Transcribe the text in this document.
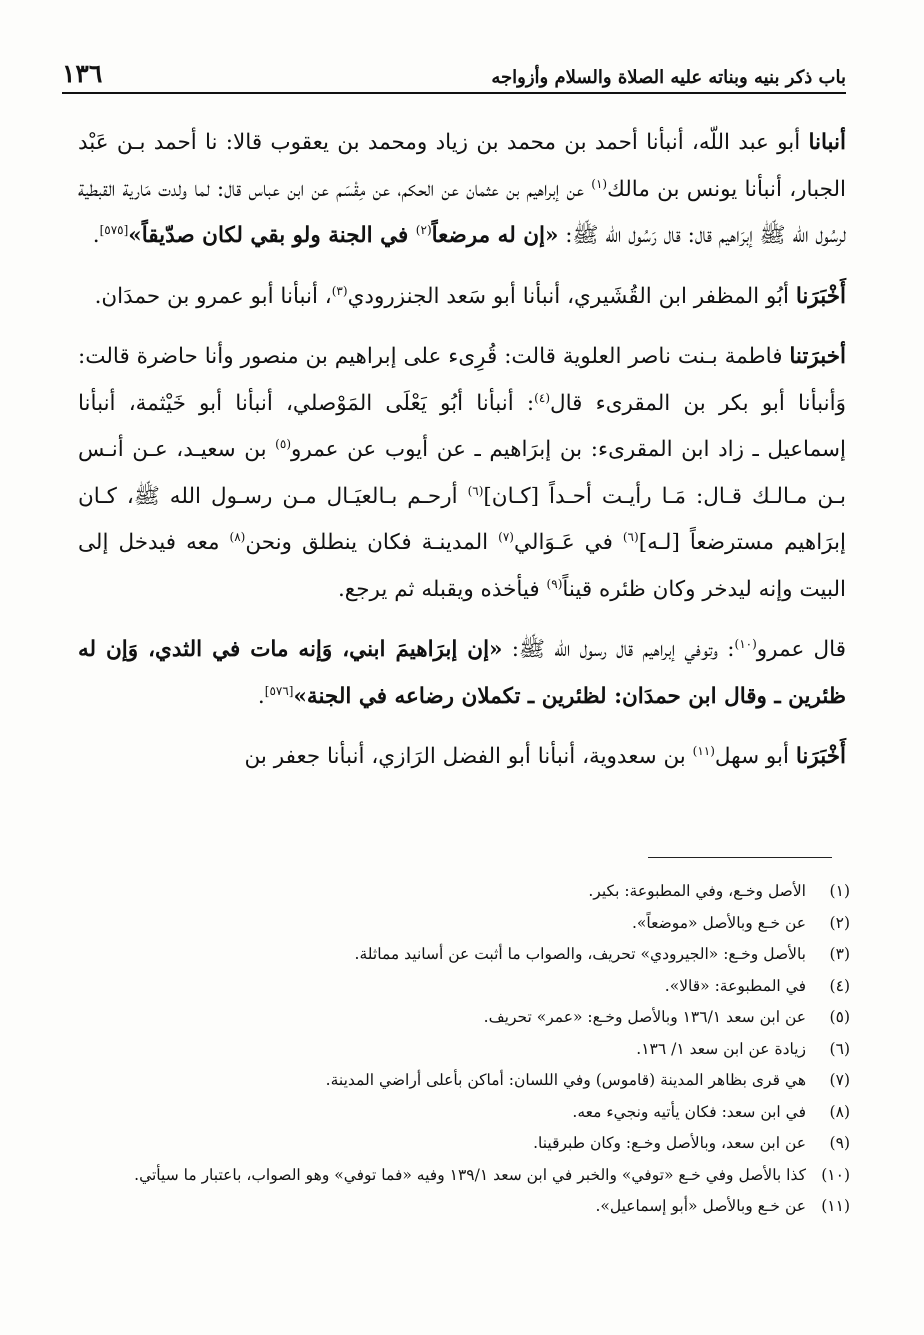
باب ذكر بنيه وبناته عليه الصلاة والسلام وأزواجه
١٣٦

أنبانا أبو عبد اللّه، أنبأنا أحمد بن محمد بن زياد ومحمد بن يعقوب قالا: نا أحمد بـن عَبْد الجبار، أنبأنا يونس بن مالك$^{(١)}$ عن إبراهيم بن عثمان عن الحكم، عن مِقْسَم عن ابن عباس قال: لما ولدت مَارية القبطية لرسُول الله ﷺ إبرَاهيم قال: قال رَسُول الله ﷺ: «إن له مرضعاً$^{(٢)}$ في الجنة ولو بقي لكان صدّيقاً»[٥٧٥].

أَخْبَرَنا أبُو المظفر ابن القُشَيري، أنبأنا أبو سَعد الجنزرودي$^{(٣)}$، أنبأنا أبو عمرو بن حمدَان.

أخبرَتنا فاطمة بـنت ناصر العلوية قالت: قُرِىء على إبراهيم بن منصور وأنا حاضرة قالت: وَأنبأنا أبو بكر بن المقرىء قال$^{(٤)}$: أنبأنا أبُو يَعْلَى المَوْصلي، أنبأنا أبو خَيْثمة، أنبأنا إسماعيل ـ زاد ابن المقرىء: بن إبرَاهيم ـ عن أيوب عن عمرو$^{(٥)}$ بن سعيـد، عـن أنـس بـن مـالـك قـال: مَـا رأيـت أحـداً [كـان]$^{(٦)}$ أرحـم بـالعيَـال مـن رسـول الله ﷺ، كـان إبرَاهيم مسترضعاً [لـه]$^{(٦)}$ في عَـوَالي$^{(٧)}$ المدينـة فكان ينطلق ونحن$^{(٨)}$ معه فيدخل إلى البيت وإنه ليدخر وكان ظئره قيناً$^{(٩)}$ فيأخذه ويقبله ثم يرجع.

قال عمرو$^{(١٠)}$: وتوفي إبراهيم قال رسول الله ﷺ: «إن إبرَاهيمَ ابني، وَإنه مات في الثدي، وَإن له ظئرين ـ وقال ابن حمدَان: لظئرين ـ تكملان رضاعه في الجنة»[٥٧٦].

أَخْبَرَنا أبو سهل$^{(١١)}$ بن سعدوية، أنبأنا أبو الفضل الرَازي، أنبأنا جعفر بن

(١)
الأصل وخـع، وفي المطبوعة: بكير.
(٢)
عن خـع وبالأصل «موضعاً».
(٣)
بالأصل وخـع: «الجيرودي» تحريف، والصواب ما أثبت عن أسانيد مماثلة.
(٤)
في المطبوعة: «قالا».
(٥)
عن ابن سعد ١٣٦/١ وبالأصل وخـع: «عمر» تحريف.
(٦)
زيادة عن ابن سعد ١/ ١٣٦.
(٧)
هي قرى بظاهر المدينة (قاموس) وفي اللسان: أماكن بأعلى أراضي المدينة.
(٨)
في ابن سعد: فكان يأتيه ونجيء معه.
(٩)
عن ابن سعد، وبالأصل وخـع: وكان طبرقينا.
(١٠)
كذا بالأصل وفي خـع «توفي» والخبر في ابن سعد ١٣٩/١ وفيه «فما توفي» وهو الصواب، باعتبار ما سيأتي.
(١١)
عن خـع وبالأصل «أبو إسماعيل».
